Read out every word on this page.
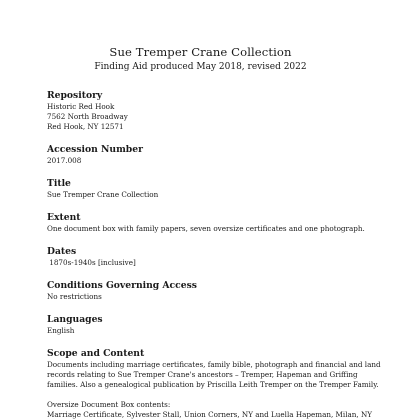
Sue Tremper Crane Collection
Finding Aid produced May 2018, revised 2022
Repository
Historic Red Hook
7562 North Broadway
Red Hook, NY 12571
Accession Number
2017.008
Title
Sue Tremper Crane Collection
Extent
One document box with family papers, seven oversize certificates and one photograph.
Dates
1870s-1940s [inclusive]
Conditions Governing Access
No restrictions
Languages
English
Scope and Content
Documents including marriage certificates, family bible, photograph and financial and land
records relating to Sue Tremper Crane's ancestors – Tremper, Hapeman and Griffing
families. Also a genealogical publication by Priscilla Leith Tremper on the Tremper Family.
Oversize Document Box contents:
Marriage Certificate, Sylvester Stall, Union Corners, NY and Luella Hapeman, Milan, NY
